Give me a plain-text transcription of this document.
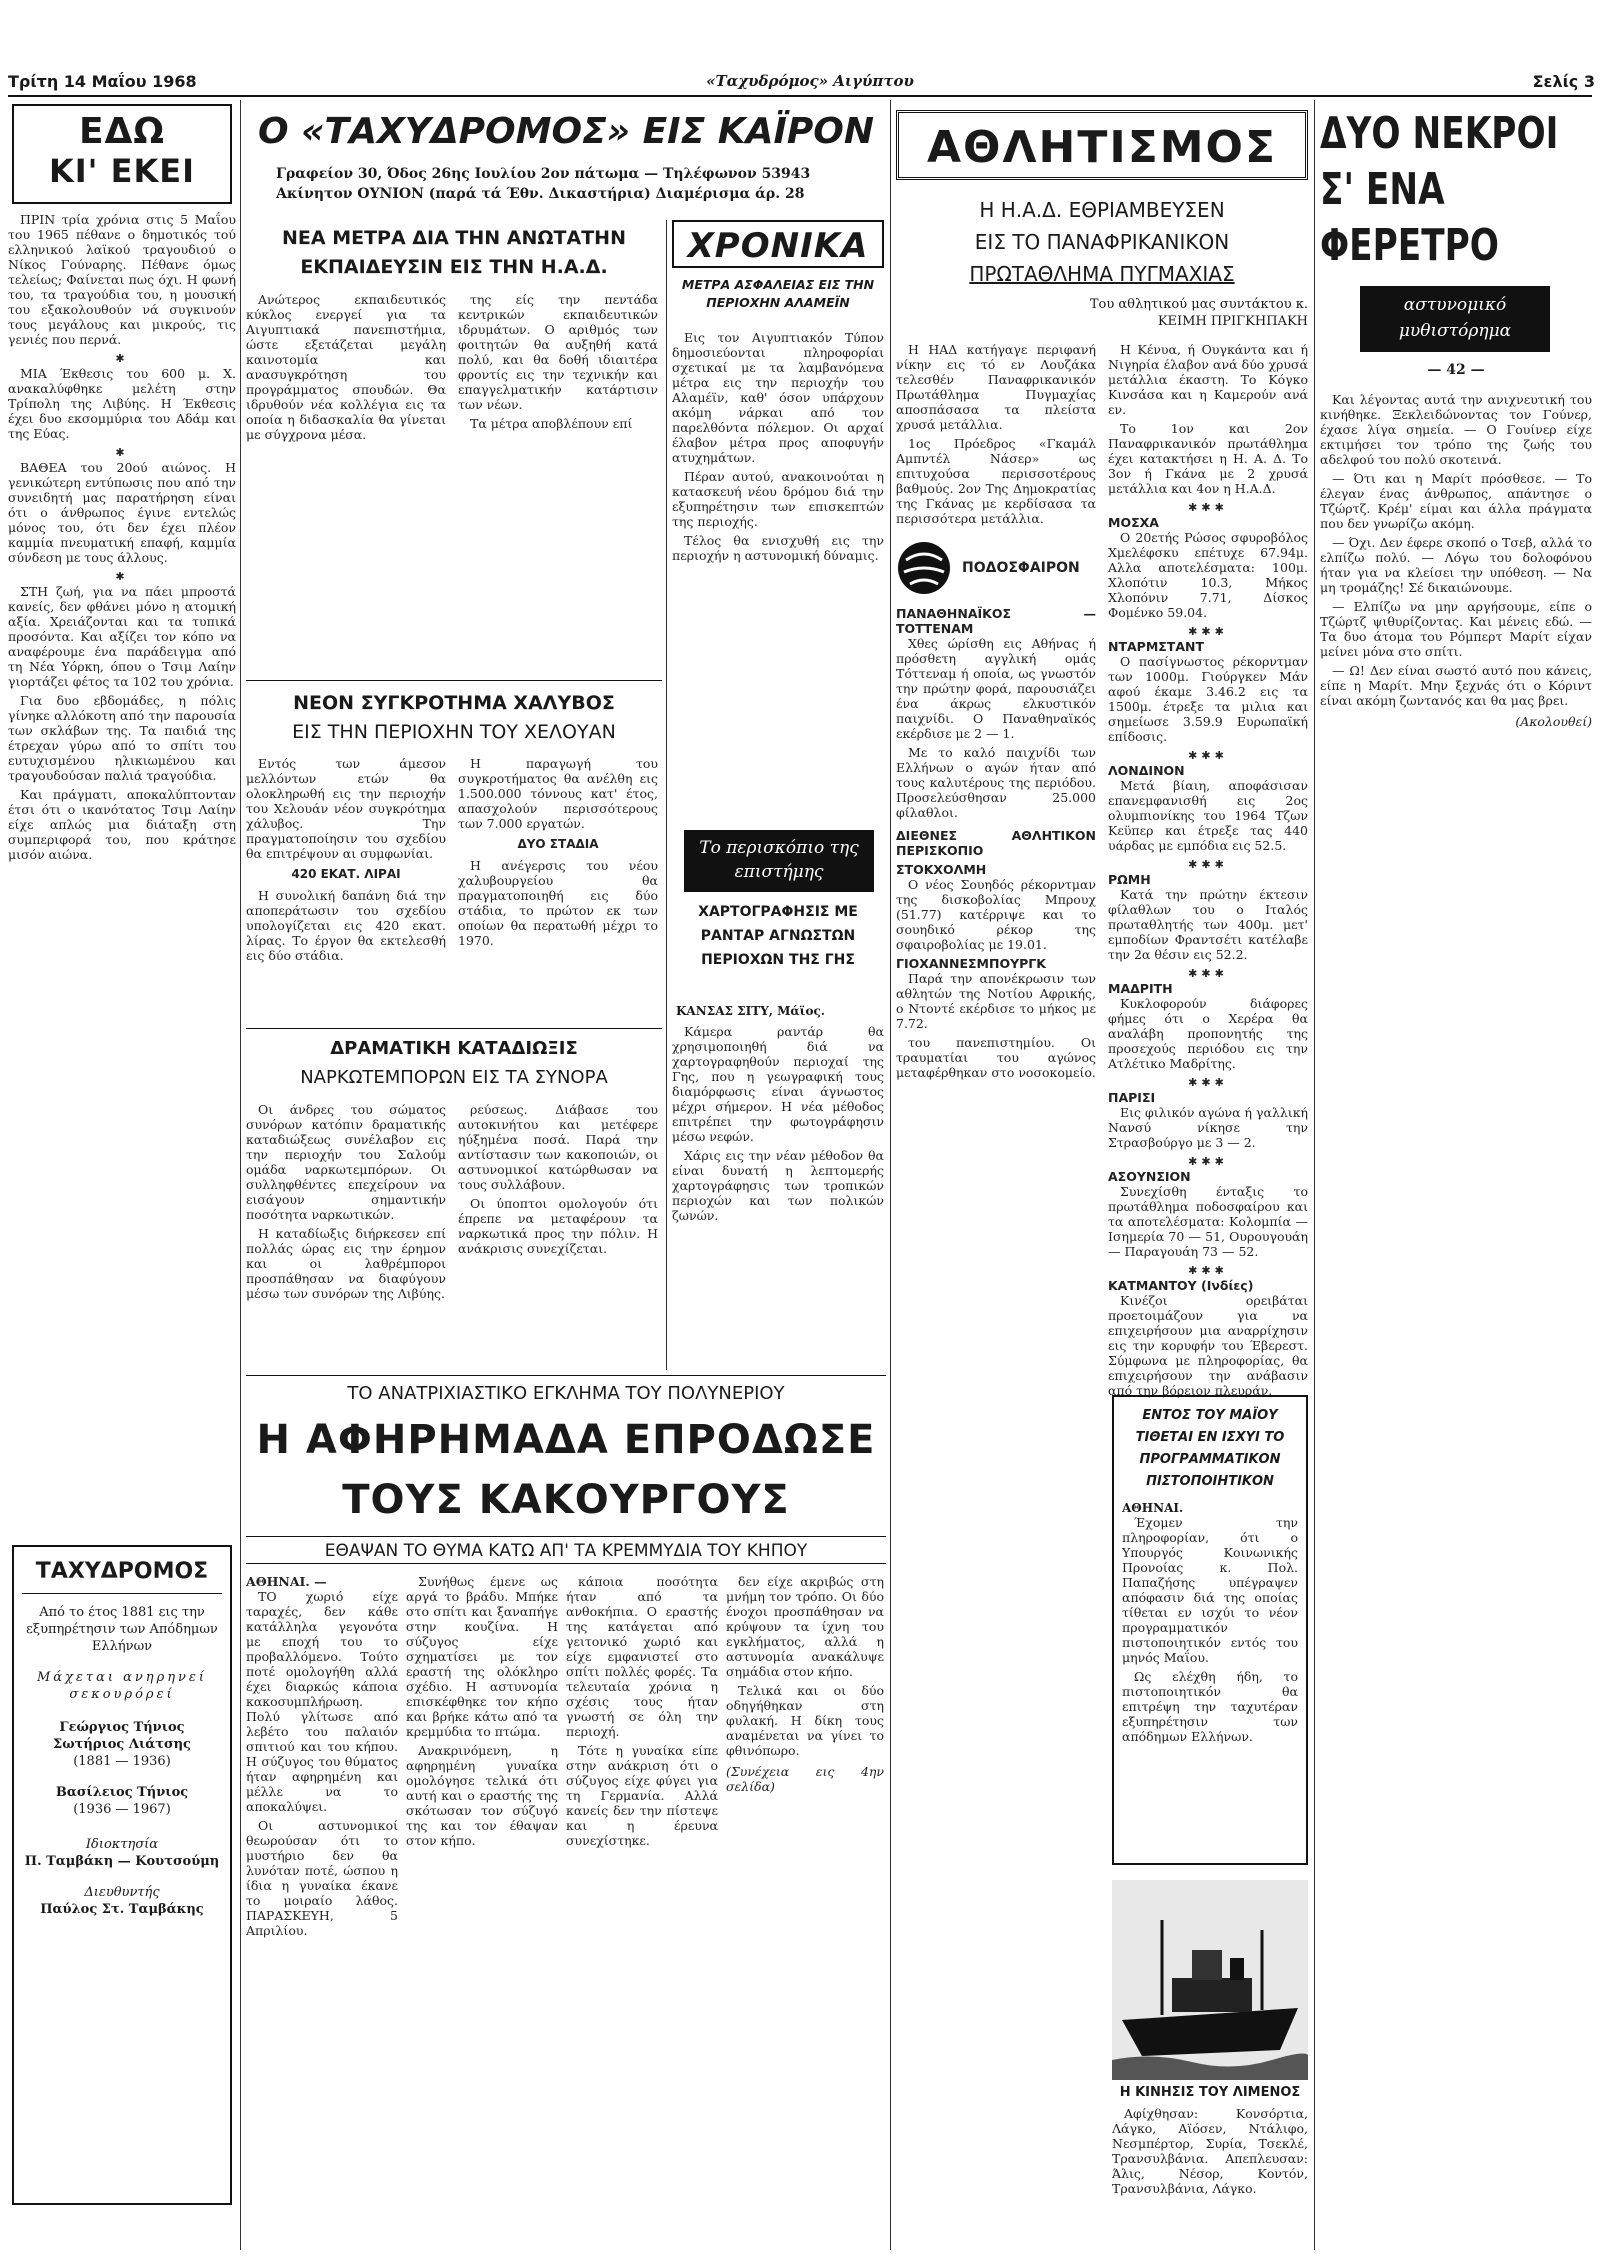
Τρίτη 14 Μαΐου 1968	«Ταχυδρόμος» Αιγύπτου	Σελίς 3
ΕΔΩ
ΚΙ' ΕΚΕΙ

ΠΡΙΝ τρία χρόνια στις 5 Μαΐου του 1965 πέθανε ο δημοτικός τού ελληνικού λαϊκού τραγουδιού ο Νίκος Γούναρης. Πέθανε όμως τελείως; Φαίνεται πως όχι. Η φωνή του, τα τραγούδια του, η μουσική του εξακολουθούν νά συγκινούν τους μεγάλους και μικρούς, τις γενιές που περνά.

✱

ΜΙΑ Έκθεσις του 600 μ. Χ. ανακαλύφθηκε μελέτη στην Τρίπολη της Λιβύης. Η Έκθεσις έχει δυο εκσομμύρια του Αδάμ και της Εύας.

✱

ΒΑΘΕΑ του 20ού αιώνος. Η γενικώτερη εντύπωσις που από την συνειδητή μας παρατήρηση είναι ότι ο άνθρωπος έγινε εντελώς μόνος του, ότι δεν έχει πλέον καμμία πνευματική επαφή, καμμία σύνδεση με τους άλλους.

✱

ΣΤΗ ζωή, για να πάει μπροστά κανείς, δεν φθάνει μόνο η ατομική αξία. Χρειάζονται και τα τυπικά προσόντα. Και αξίζει τον κόπο να αναφέρουμε ένα παράδειγμα από τη Νέα Υόρκη, όπου ο Τσιμ Λαίην γιορτάζει φέτος τα 102 του χρόνια.

Για δυο εβδομάδες, η πόλις γίνηκε αλλόκοτη από την παρουσία των σκλάβων της. Τα παιδιά της έτρεχαν γύρω από το σπίτι του ευτυχισμένου ηλικιωμένου και τραγουδούσαν παλιά τραγούδια.

Και πράγματι, αποκαλύπτονταν έτσι ότι ο ικανότατος Τσιμ Λαίην είχε απλώς μια διάταξη στη συμπεριφορά του, που κράτησε μισόν αιώνα.

ΤΑΧΥΔΡΟΜΟΣ
Από το έτος 1881 εις την εξυπηρέτησιν των Απόδημων Ελλήνων
Μάχεται ανηρηνεί σεκουρόρεί
Γεώργιος Τήνιος Σωτήριος Λιάτσης
(1881 — 1936)
Βασίλειος Τήνιος
(1936 — 1967)
Ιδιοκτησία
Π. Ταμβάκη — Κουτσούμη
Διευθυντής
Παύλος Στ. Ταμβάκης
Ο «ΤΑΧΥΔΡΟΜΟΣ» ΕΙΣ ΚΑΪΡΟΝ
Γραφείον 30, Όδος 26ης Ιουλίου 2ον πάτωμα — Τηλέφωνον 53943
Ακίνητον ΟΥΝΙΟΝ (παρά τά Έθν. Δικαστήρια) Διαμέρισμα άρ. 28
ΝΕΑ ΜΕΤΡΑ ΔΙΑ ΤΗΝ ΑΝΩΤΑΤΗΝ ΕΚΠΑΙΔΕΥΣΙΝ ΕΙΣ ΤΗΝ Η.Α.Δ.

Ανώτερος εκπαιδευτικός κύκλος ενεργεί για τα Αιγυπτιακά πανεπιστήμια, ώστε εξετάζεται μεγάλη καινοτομία και ανασυγκρότηση του προγράμματος σπουδών. Θα ιδρυθούν νέα κολλέγια εις τα οποία η διδασκαλία θα γίνεται με σύγχρονα μέσα.

της είς την πεντάδα κεντρικών εκπαιδευτικών ιδρυμάτων. Ο αριθμός των φοιτητών θα αυξηθή κατά πολύ, και θα δοθή ιδιαιτέρα φροντίς εις την τεχνικήν και επαγγελματικήν κατάρτισιν των νέων.

Τα μέτρα αποβλέπουν επί

ΝΕΟΝ ΣΥΓΚΡΟΤΗΜΑ ΧΑΛΥΒΟΣ
ΕΙΣ ΤΗΝ ΠΕΡΙΟΧΗΝ ΤΟΥ ΧΕΛΟΥΑΝ

Εντός των άμεσον μελλόντων ετών θα ολοκληρωθή εις την περιοχήν του Χελουάν νέον συγκρότημα χάλυβος. Την πραγματοποίησιν του σχεδίου θα επιτρέψουν αι συμφωνίαι.

420 ΕΚΑΤ. ΛΙΡΑΙ

Η συνολική δαπάνη διά την αποπεράτωσιν του σχεδίου υπολογίζεται εις 420 εκατ. λίρας. Το έργον θα εκτελεσθή εις δύο στάδια.

Η παραγωγή του συγκροτήματος θα ανέλθη εις 1.500.000 τόννους κατ' έτος, απασχολούν περισσότερους των 7.000 εργατών.

ΔΥΟ ΣΤΑΔΙΑ

Η ανέγερσις του νέου χαλυβουργείου θα πραγματοποιηθή εις δύο στάδια, το πρώτον εκ των οποίων θα περατωθή μέχρι το 1970.

ΔΡΑΜΑΤΙΚΗ ΚΑΤΑΔΙΩΞΙΣ
ΝΑΡΚΩΤΕΜΠΟΡΩΝ ΕΙΣ ΤΑ ΣΥΝΟΡΑ

Οι άνδρες του σώματος συνόρων κατόπιν δραματικής καταδιώξεως συνέλαβον εις την περιοχήν του Σαλούμ ομάδα ναρκωτεμπόρων. Οι συλληφθέντες επεχείρουν να εισάγουν σημαντικήν ποσότητα ναρκωτικών.

Η καταδίωξις διήρκεσεν επί πολλάς ώρας εις την έρημον και οι λαθρέμποροι προσπάθησαν να διαφύγουν μέσω των συνόρων της Λιβύης.

ρεύσεως. Διάβασε του αυτοκινήτου και μετέφερε ηύξημένα ποσά. Παρά την αντίστασιν των κακοποιών, οι αστυνομικοί κατώρθωσαν να τους συλλάβουν.

Οι ύποπτοι ομολογούν ότι έπρεπε να μεταφέρουν τα ναρκωτικά προς την πόλιν. Η ανάκρισις συνεχίζεται.

ΧΡΟΝΙΚΑ
ΜΕΤΡΑ ΑΣΦΑΛΕΙΑΣ ΕΙΣ ΤΗΝ ΠΕΡΙΟΧΗΝ ΑΛΑΜΕΪΝ

Εις τον Αιγυπτιακόν Τύπον δημοσιεύονται πληροφορίαι σχετικαί με τα λαμβανόμενα μέτρα εις την περιοχήν του Αλαμέϊν, καθ' όσον υπάρχουν ακόμη νάρκαι από τον παρελθόντα πόλεμον. Οι αρχαί έλαβον μέτρα προς αποφυγήν ατυχημάτων.

Πέραν αυτού, ανακοινούται η κατασκευή νέου δρόμου διά την εξυπηρέτησιν των επισκεπτών της περιοχής.

Τέλος θα ενισχυθή εις την περιοχήν η αστυνομική δύναμις.

Το περισκόπιο της επιστήμης
ΧΑΡΤΟΓΡΑΦΗΣΙΣ ΜΕ ΡΑΝΤΑΡ ΑΓΝΩΣΤΩΝ ΠΕΡΙΟΧΩΝ ΤΗΣ ΓΗΣ
ΚΑΝΣΑΣ ΣΙΤΥ, Μάϊος.

Κάμερα ραντάρ θα χρησιμοποιηθή διά να χαρτογραφηθούν περιοχαί της Γης, που η γεωγραφική τους διαμόρφωσις είναι άγνωστος μέχρι σήμερον. Η νέα μέθοδος επιτρέπει την φωτογράφησιν μέσω νεφών.

Χάρις εις την νέαν μέθοδον θα είναι δυνατή η λεπτομερής χαρτογράφησις των τροπικών περιοχών και των πολικών ζωνών.

ΤΟ ΑΝΑΤΡΙΧΙΑΣΤΙΚΟ ΕΓΚΛΗΜΑ ΤΟΥ ΠΟΛΥΝΕΡΙΟΥ
Η ΑΦΗΡΗΜΑΔΑ ΕΠΡΟΔΩΣΕ
ΤΟΥΣ ΚΑΚΟΥΡΓΟΥΣ
ΕΘΑΨΑΝ ΤΟ ΘΥΜΑ ΚΑΤΩ ΑΠ' ΤΑ ΚΡΕΜΜΥΔΙΑ ΤΟΥ ΚΗΠΟΥ
ΑΘΗΝΑΙ. —

ΤΟ χωριό είχε ταραχές, δεν κάθε κατάλληλα γεγονότα με εποχή του το προβαλλόμενο. Τούτο ποτέ ομολογήθη αλλά έχει διαρκώς κάποια κακοσυμπλήρωση. Πολύ γλίτωσε από λεβέτο του παλαιόν σπιτιού και του κήπου. Η σύζυγος του θύματος ήταν αφηρημένη και μέλλε να το αποκαλύψει.

Οι αστυνομικοί θεωρούσαν ότι το μυστήριο δεν θα λυνόταν ποτέ, ώσπου η ίδια η γυναίκα έκανε το μοιραίο λάθος. ΠΑΡΑΣΚΕΥΗ, 5 Απριλίου.

Συνήθως έμενε ως αργά το βράδυ. Μπήκε στο σπίτι και ξαναπήγε στην κουζίνα. Η σύζυγος είχε σχηματίσει με τον εραστή της ολόκληρο σχέδιο. Η αστυνομία επισκέφθηκε τον κήπο και βρήκε κάτω από τα κρεμμύδια το πτώμα.

Ανακρινόμενη, η αφηρημένη γυναίκα ομολόγησε τελικά ότι αυτή και ο εραστής της σκότωσαν τον σύζυγό της και τον έθαψαν στον κήπο.

κάποια ποσότητα ήταν από τα ανθοκήπια. Ο εραστής της κατάγεται από γειτονικό χωριό και είχε εμφανιστεί στο σπίτι πολλές φορές. Τα τελευταία χρόνια η σχέσις τους ήταν γνωστή σε όλη την περιοχή.

Τότε η γυναίκα είπε στην ανάκριση ότι ο σύζυγος είχε φύγει για τη Γερμανία. Αλλά κανείς δεν την πίστεψε και η έρευνα συνεχίστηκε.

δεν είχε ακριβώς στη μνήμη τον τρόπο. Οι δύο ένοχοι προσπάθησαν να κρύψουν τα ίχνη του εγκλήματος, αλλά η αστυνομία ανακάλυψε σημάδια στον κήπο.

Τελικά και οι δύο οδηγήθηκαν στη φυλακή. Η δίκη τους αναμένεται να γίνει το φθινόπωρο.

(Συνέχεια εις 4ην σελίδα)
ΑΘΛΗΤΙΣΜΟΣ
Η Η.Α.Δ. ΕΘΡΙΑΜΒΕΥΣΕΝ
ΕΙΣ ΤΟ ΠΑΝΑΦΡΙΚΑΝΙΚΟΝ
ΠΡΩΤΑΘΛΗΜΑ ΠΥΓΜΑΧΙΑΣ
Του αθλητικού μας συντάκτου κ. ΚΕΙΜΗ ΠΡΙΓΚΗΠΑΚΗ

Η ΗΑΔ κατήγαγε περιφανή νίκην εις τό εν Λουζάκα τελεσθέν Παναφρικανικόν Πρωτάθλημα Πυγμαχίας αποσπάσασα τα πλείστα χρυσά μετάλλια.

1ος Πρόεδρος «Γκαμάλ Αμπντέλ Νάσερ» ως επιτυχούσα περισσοτέρους βαθμούς. 2ον Της Δημοκρατίας της Γκάνας με κερδίσασα τα περισσότερα μετάλλια.

ΠΟΔΟΣΦΑΙΡΟΝ
ΠΑΝΑΘΗΝΑΪΚΟΣ — ΤΟΤΤΕΝΑΜ

Χθες ώρίσθη εις Αθήνας ή πρόσθετη αγγλική ομάς Τόττεναμ ή οποία, ως γνωστόν την πρώτην φορά, παρουσιάζει ένα άκρως ελκυστικόν παιχνίδι. Ο Παναθηναϊκός εκέρδισε με 2 — 1.

Με το καλό παιχνίδι των Ελλήνων ο αγών ήταν από τους καλυτέρους της περιόδου. Προσελεύσθησαν 25.000 φίλαθλοι.

ΔΙΕΘΝΕΣ ΑΘΛΗΤΙΚΟΝ ΠΕΡΙΣΚΟΠΙΟ
ΣΤΟΚΧΟΛΜΗ

Ο νέος Σουηδός ρέκορντμαν της δισκοβολίας Μπρουχ (51.77) κατέρριψε και το σουηδικό ρέκορ της σφαιροβολίας με 19.01.

ΓΙΟΧΑΝΝΕΣΜΠΟΥΡΓΚ

Παρά την απονέκρωσιν των αθλητών της Νοτίου Αφρικής, ο Ντοντέ εκέρδισε το μήκος με 7.72.

του πανεπιστημίου. Οι τραυματίαι του αγώνος μεταφέρθηκαν στο νοσοκομείο.

Η Κένυα, ή Ουγκάντα και ή Νιγηρία έλαβον ανά δύο χρυσά μετάλλια έκαστη. Το Κόγκο Κινσάσα και η Καμερούν ανά εν.

Το 1ον και 2ον Παναφρικανικόν πρωτάθλημα έχει κατακτήσει η Η. Α. Δ. Το 3ον ή Γκάνα με 2 χρυσά μετάλλια και 4ον η Η.Α.Δ.

✱✱✱
ΜΟΣΧΑ

Ο 20ετής Ρώσος σφυροβόλος Χμελέφσκυ επέτυχε 67.94μ. Αλλα αποτελέσματα: 100μ. Χλοπότιν 10.3, Μήκος Χλοπόνιν 7.71, Δίσκος Φομένκο 59.04.

✱✱✱
ΝΤΑΡΜΣΤΑΝΤ

Ο πασίγνωστος ρέκορντμαν των 1000μ. Γιούργκεν Μάν αφού έκαμε 3.46.2 εις τα 1500μ. έτρεξε τα μιλια και σημείωσε 3.59.9 Ευρωπαϊκή επίδοσις.

✱✱✱
ΛΟΝΔΙΝΟΝ

Μετά βίαιη, αποφάσισαν επανεμφανισθή εις 2ος ολυμπιονίκης του 1964 Τζων Κεϋπερ και έτρεξε τας 440 υάρδας με εμπόδια εις 52.5.

✱✱✱
ΡΩΜΗ

Κατά την πρώτην έκτεσιν φίλαθλων του ο Ιταλός πρωταθλητής των 400μ. μετ' εμποδίων Φραντσέτι κατέλαβε την 2α θέσιν εις 52.2.

✱✱✱
ΜΑΔΡΙΤΗ

Κυκλοφορούν διάφορες φήμες ότι ο Χερέρα θα αναλάβη προπονητής της προσεχούς περιόδου εις την Ατλέτικο Μαδρίτης.

✱✱✱
ΠΑΡΙΣΙ

Εις φιλικόν αγώνα ή γαλλική Νανσύ νίκησε την Στρασβούργο με 3 — 2.

✱✱✱
ΑΣΟΥΝΣΙΟΝ

Συνεχίσθη ένταξις το πρωτάθλημα ποδοσφαίρου και τα αποτελέσματα: Κολομπία — Ισημερία 70 — 51, Ουρουγουάη — Παραγουάη 73 — 52.

✱✱✱
ΚΑΤΜΑΝΤΟΥ (Ινδίες)

Κινέζοι ορειβάται προετοιμάζουν για να επιχειρήσουν μια αναρρίχησιν εις την κορυφήν του Έβερεστ. Σύμφωνα με πληροφορίας, θα επιχειρήσουν την ανάβασιν από την βόρειον πλευράν.

ΕΝΤΟΣ ΤΟΥ ΜΑΪΟΥ ΤΙΘΕΤΑΙ ΕΝ ΙΣΧΥΙ ΤΟ ΠΡΟΓΡΑΜΜΑΤΙΚΟΝ ΠΙΣΤΟΠΟΙΗΤΙΚΟΝ
ΑΘΗΝΑΙ.

Έχομεν την πληροφορίαν, ότι ο Υπουργός Κοινωνικής Προνοίας κ. Πολ. Παπαζήσης υπέγραψεν απόφασιν διά της οποίας τίθεται εν ισχύι το νέον προγραμματικόν πιστοποιητικόν εντός του μηνός Μαΐου.

Ως ελέχθη ήδη, το πιστοποιητικόν θα επιτρέψη την ταχυτέραν εξυπηρέτησιν των απόδημων Ελλήνων.

Η ΚΙΝΗΣΙΣ ΤΟΥ ΛΙΜΕΝΟΣ

Αφίχθησαν: Κονσόρτια, Λάγκο, Αϊόσεν, Ντάλιφο, Νεσμπέρτορ, Συρία, Τσεκλέ, Τρανσυλβάνια. Απεπλευσαν: Άλις, Νέσορ, Κοντόν, Τρανσυλβάνια, Λάγκο.

ΔΥΟ ΝΕΚΡΟΙ
Σ' ΕΝΑ
ΦΕΡΕΤΡΟ
αστυνομικό μυθιστόρημα
— 42 —

Και λέγοντας αυτά την ανιχνευτική του κινήθηκε. Ξεκλειδώνοντας τον Γούνερ, έχασε λίγα σημεία. — Ο Γουίνερ είχε εκτιμήσει τον τρόπο της ζωής του αδελφού του πολύ σκοτεινά.

— Ότι και η Μαρίτ πρόσθεσε. — Το έλεγαν ένας άνθρωπος, απάντησε ο Τζώρτζ. Κρέμ' είμαι και άλλα πράγματα που δεν γνωρίζω ακόμη.

— Όχι. Δεν έφερε σκοπό ο Τσεβ, αλλά το ελπίζω πολύ. — Λόγω του δολοφόνου ήταν για να κλείσει την υπόθεση. — Να μη τρομάζης! Σέ δικαιώνουμε.

— Ελπίζω να μην αργήσουμε, είπε ο Τζώρτζ ψιθυρίζοντας. Και μένεις εδώ. — Τα δυο άτομα του Ρόμπερτ Μαρίτ είχαν μείνει μόνα στο σπίτι.

— Ω! Δεν είναι σωστό αυτό που κάνεις, είπε η Μαρίτ. Μην ξεχνάς ότι ο Κόριντ είναι ακόμη ζωντανός και θα μας βρει.

(Ακολουθεί)
